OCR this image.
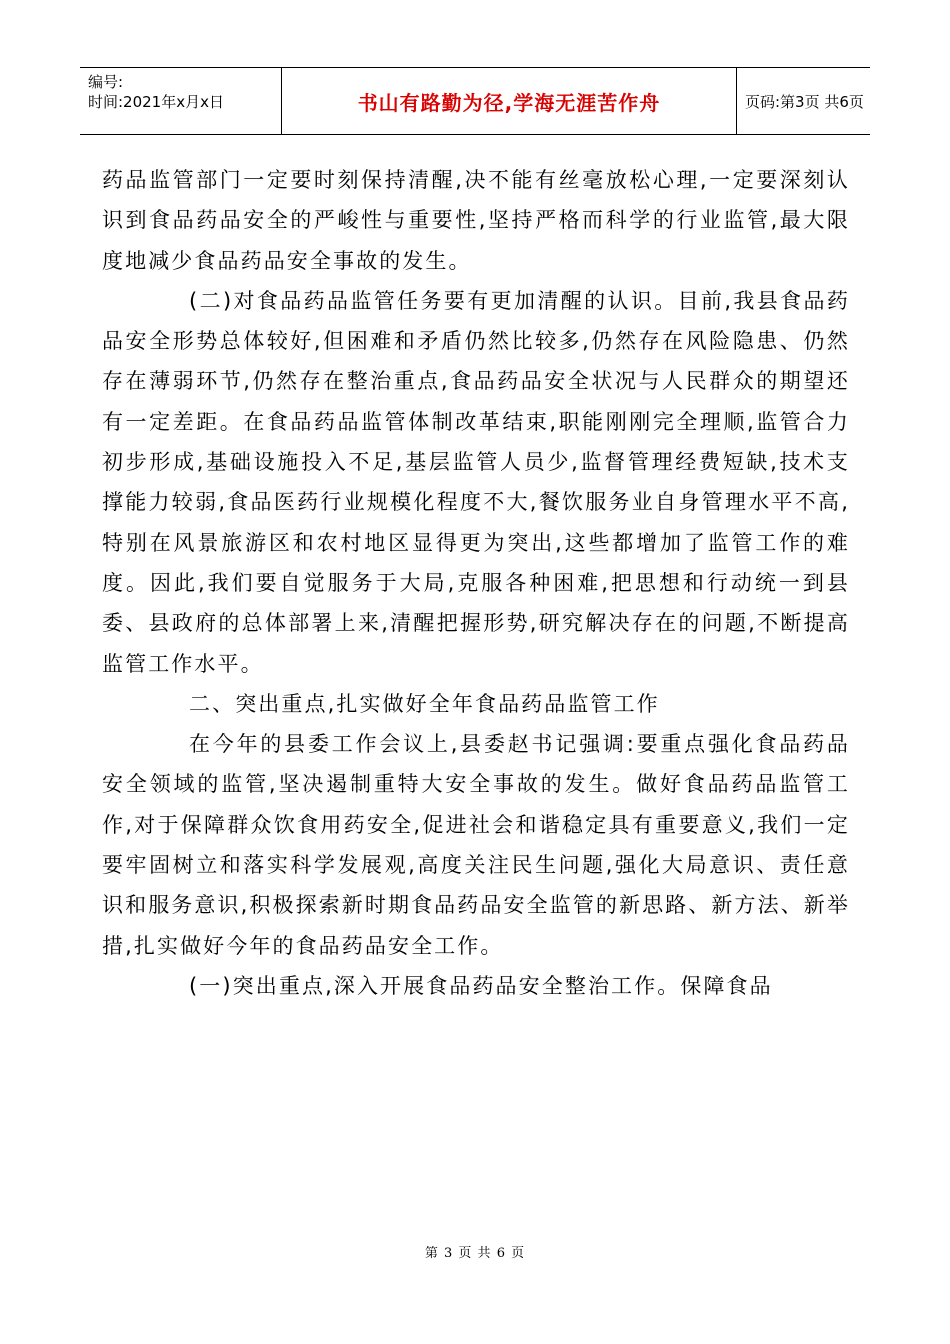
编号:
时间:2021年x月x日	书山有路勤为径,学海无涯苦作舟	页码:第3页 共6页

药品监管部门一定要时刻保持清醒,决不能有丝毫放松心理,一定要深刻认识到食品药品安全的严峻性与重要性,坚持严格而科学的行业监管,最大限度地减少食品药品安全事故的发生。

(二)对食品药品监管任务要有更加清醒的认识。目前,我县食品药品安全形势总体较好,但困难和矛盾仍然比较多,仍然存在风险隐患、仍然存在薄弱环节,仍然存在整治重点,食品药品安全状况与人民群众的期望还有一定差距。在食品药品监管体制改革结束,职能刚刚完全理顺,监管合力初步形成,基础设施投入不足,基层监管人员少,监督管理经费短缺,技术支撑能力较弱,食品医药行业规模化程度不大,餐饮服务业自身管理水平不高,特别在风景旅游区和农村地区显得更为突出,这些都增加了监管工作的难度。因此,我们要自觉服务于大局,克服各种困难,把思想和行动统一到县委、县政府的总体部署上来,清醒把握形势,研究解决存在的问题,不断提高监管工作水平。

二、突出重点,扎实做好全年食品药品监管工作

在今年的县委工作会议上,县委赵书记强调:要重点强化食品药品安全领域的监管,坚决遏制重特大安全事故的发生。做好食品药品监管工作,对于保障群众饮食用药安全,促进社会和谐稳定具有重要意义,我们一定要牢固树立和落实科学发展观,高度关注民生问题,强化大局意识、责任意识和服务意识,积极探索新时期食品药品安全监管的新思路、新方法、新举措,扎实做好今年的食品药品安全工作。

(一)突出重点,深入开展食品药品安全整治工作。保障食品

第 3 页 共 6 页
